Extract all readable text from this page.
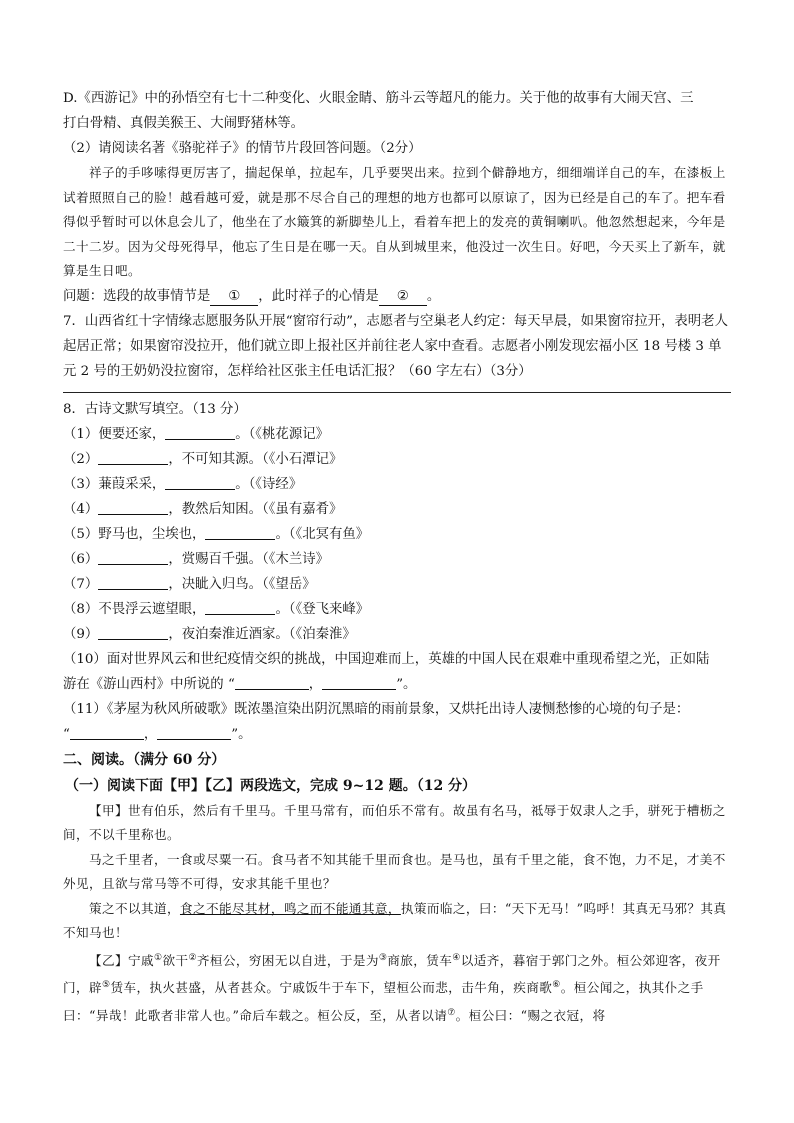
D.《西游记》中的孙悟空有七十二种变化、火眼金睛、筋斗云等超凡的能力。关于他的故事有大闹天宫、三

打白骨精、真假美猴王、大闹野猪林等。

（2）请阅读名著《骆驼祥子》的情节片段回答问题。（2分）

祥子的手哆嗦得更厉害了，揣起保单，拉起车，几乎要哭出来。拉到个僻静地方，细细端详自己的车，在漆板上试着照照自己的脸！越看越可爱，就是那不尽合自己的理想的地方也都可以原谅了，因为已经是自己的车了。把车看得似乎暂时可以休息会儿了，他坐在了水簸箕的新脚垫儿上，看着车把上的发亮的黄铜喇叭。他忽然想起来，今年是二十二岁。因为父母死得早，他忘了生日是在哪一天。自从到城里来，他没过一次生日。好吧，今天买上了新车，就算是生日吧。

问题：选段的故事情节是 ① ，此时祥子的心情是 ② 。

7．山西省红十字情缘志愿服务队开展“窗帘行动”，志愿者与空巢老人约定：每天早晨，如果窗帘拉开，表明老人起居正常；如果窗帘没拉开，他们就立即上报社区并前往老人家中查看。志愿者小刚发现宏福小区 18 号楼 3 单元 2 号的王奶奶没拉窗帘，怎样给社区张主任电话汇报？（60 字左右）（3分）

8．古诗文默写填空。（13 分）

（1）便要还家，	。（《桃花源记》

（2）	，不可知其源。（《小石潭记》

（3）蒹葭采采，	。（《诗经》

（4）	，教然后知困。（《虽有嘉肴》

（5）野马也，尘埃也，	。（《北冥有鱼》

（6）	，赏赐百千强。（《木兰诗》

（7）	，决眦入归鸟。（《望岳》

（8）不畏浮云遮望眼，	。（《登飞来峰》

（9）	，夜泊秦淮近酒家。（《泊秦淮》

（10）面对世界风云和世纪疫情交织的挑战，中国迎难而上，英雄的中国人民在艰难中重现希望之光，正如陆

游在《游山西村》中所说的 “	，	”。

（11）《茅屋为秋风所破歌》既浓墨渲染出阴沉黑暗的雨前景象，又烘托出诗人凄恻愁惨的心境的句子是：

“	，	”。

二、阅读。（满分 60 分）

（一）阅读下面【甲】【乙】两段选文，完成 9~12 题。（12 分）

【甲】世有伯乐，然后有千里马。千里马常有，而伯乐不常有。故虽有名马，祗辱于奴隶人之手，骈死于槽枥之间，不以千里称也。

马之千里者，一食或尽粟一石。食马者不知其能千里而食也。是马也，虽有千里之能，食不饱，力不足，才美不外见，且欲与常马等不可得，安求其能千里也？

策之不以其道，食之不能尽其材，鸣之而不能通其意，执策而临之，曰：“天下无马！”呜呼！其真无马邪？其真不知马也！

【乙】宁戚①欲干②齐桓公，穷困无以自进，于是为③商旅，赁车④以适齐，暮宿于郭门之外。桓公郊迎客，夜开门，辟⑤赁车，执火甚盛，从者甚众。宁戚饭牛于车下，望桓公而悲，击牛角，疾商歌⑥。桓公闻之，执其仆之手曰：“异哉！此歌者非常人也。”命后车载之。桓公反，至，从者以请⑦。桓公曰：“赐之衣冠，将
